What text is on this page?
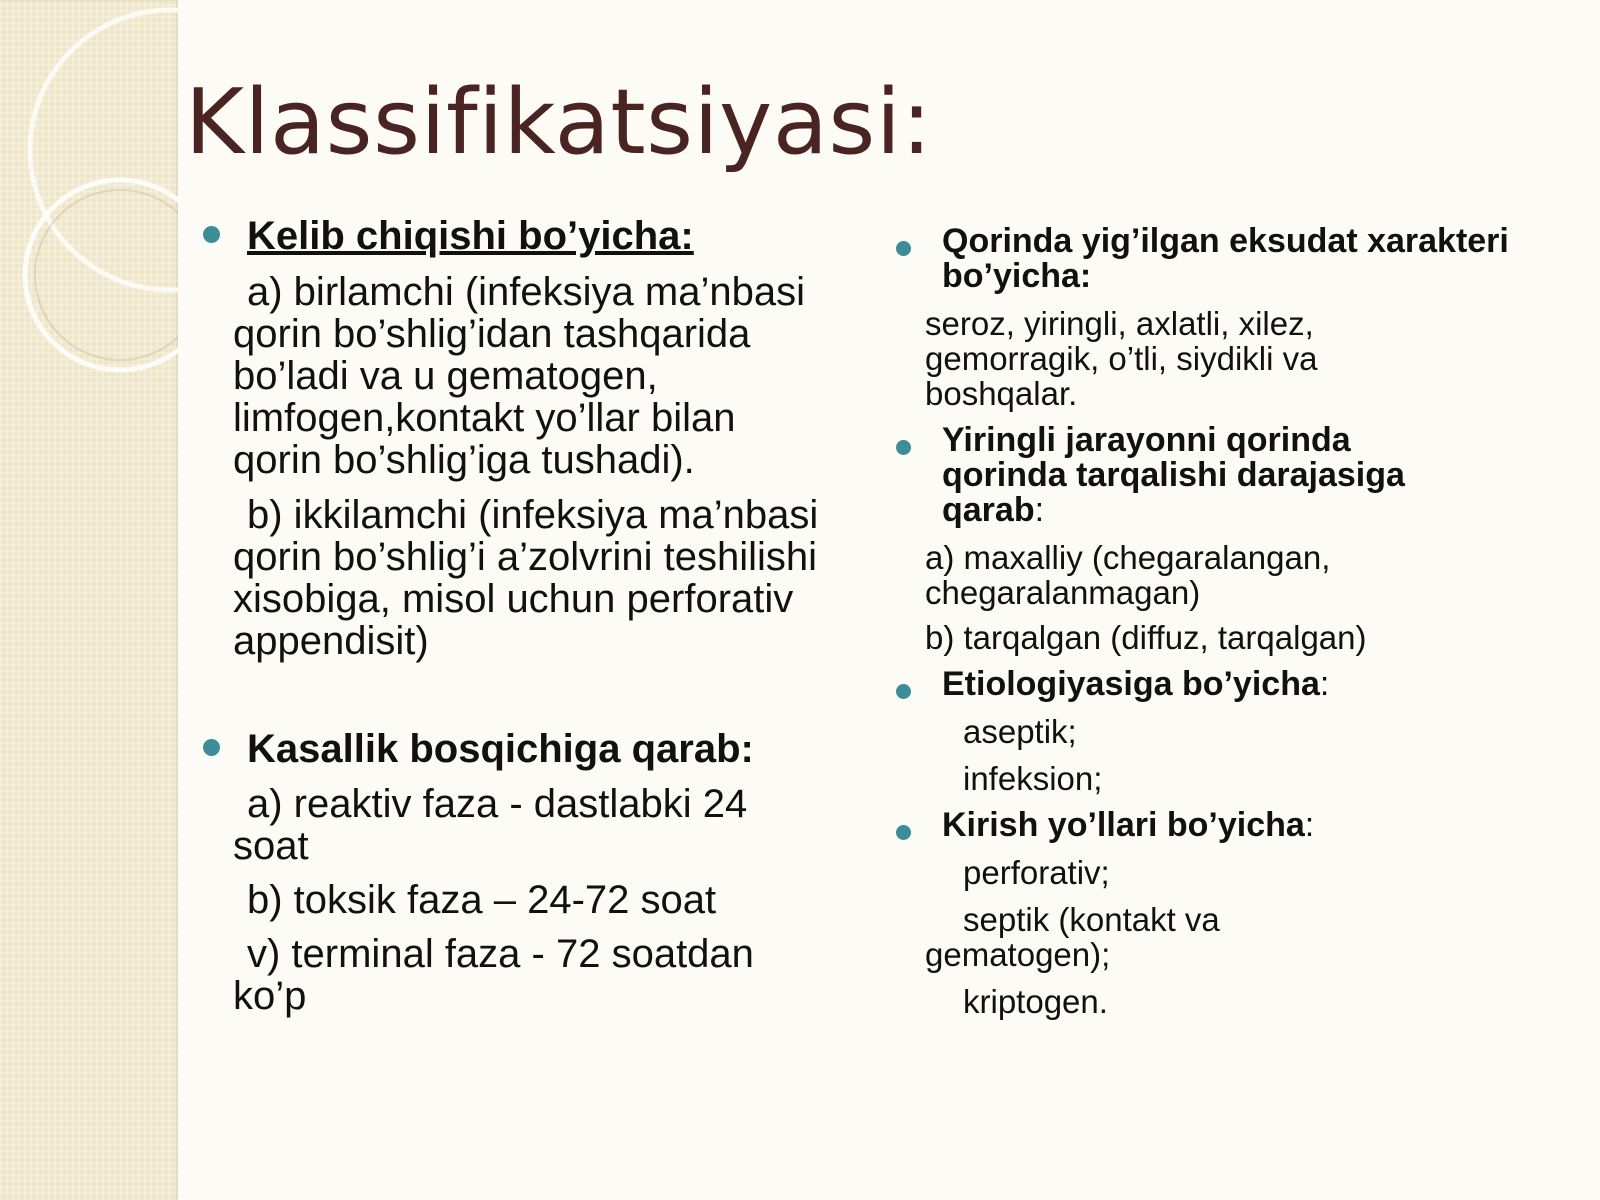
Klassifikatsiyasi:
Kelib chiqishi bo’yicha:
a) birlamchi (infeksiya ma’nbasi qorin bo’shlig’idan tashqarida bo’ladi va u gematogen, limfogen,kontakt yo’llar bilan qorin bo’shlig’iga tushadi).
b) ikkilamchi (infeksiya ma’nbasi qorin bo’shlig’i a’zolvrini teshilishi xisobiga, misol uchun perforativ appendisit)
Kasallik bosqichiga qarab:
a) reaktiv faza - dastlabki 24 soat
b) toksik faza – 24-72 soat
v) terminal faza - 72 soatdan ko’p
Qorinda yig’ilgan eksudat xarakteri bo’yicha:
seroz, yiringli, axlatli, xilez, gemorragik, o’tli, siydikli va boshqalar.
Yiringli jarayonni qorinda qorinda tarqalishi darajasiga qarab:
a) maxalliy (chegaralangan, chegaralanmagan)
b) tarqalgan (diffuz, tarqalgan)
Etiologiyasiga bo’yicha:
aseptik;
infeksion;
Kirish yo’llari bo’yicha:
perforativ;
septik (kontakt va gematogen);
kriptogen.
